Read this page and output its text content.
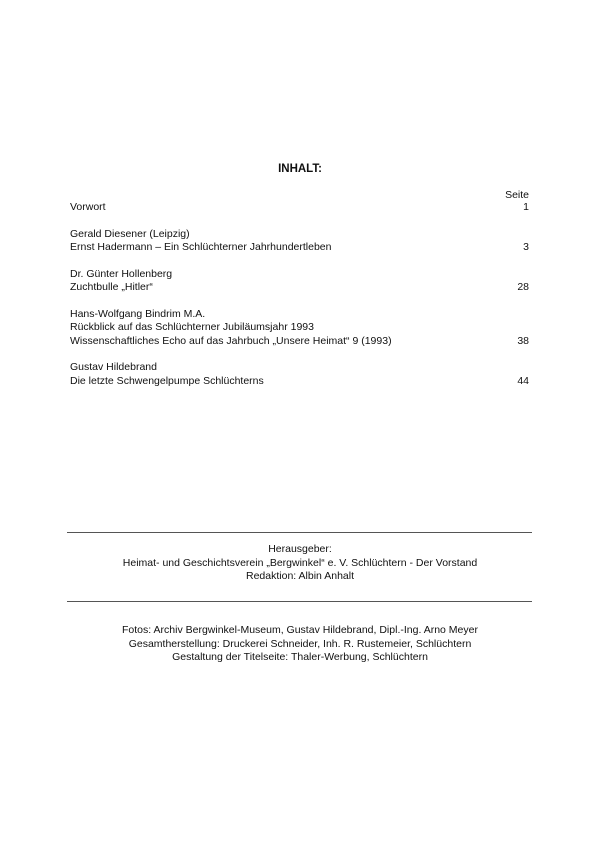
INHALT:
Seite
Vorwort	1
Gerald Diesener (Leipzig)
Ernst Hadermann – Ein Schlüchterner Jahrhundertleben	3
Dr. Günter Hollenberg
Zuchtbulle „Hitler“	28
Hans-Wolfgang Bindrim M.A.
Rückblick auf das Schlüchterner Jubiläumsjahr 1993
Wissenschaftliches Echo auf das Jahrbuch „Unsere Heimat“ 9 (1993)	38
Gustav Hildebrand
Die letzte Schwengelpumpe Schlüchterns	44
Herausgeber:
Heimat- und Geschichtsverein „Bergwinkel“ e. V. Schlüchtern - Der Vorstand
Redaktion: Albin Anhalt
Fotos: Archiv Bergwinkel-Museum, Gustav Hildebrand, Dipl.-Ing. Arno Meyer
Gesamtherstellung: Druckerei Schneider, Inh. R. Rustemeier, Schlüchtern
Gestaltung der Titelseite: Thaler-Werbung, Schlüchtern
